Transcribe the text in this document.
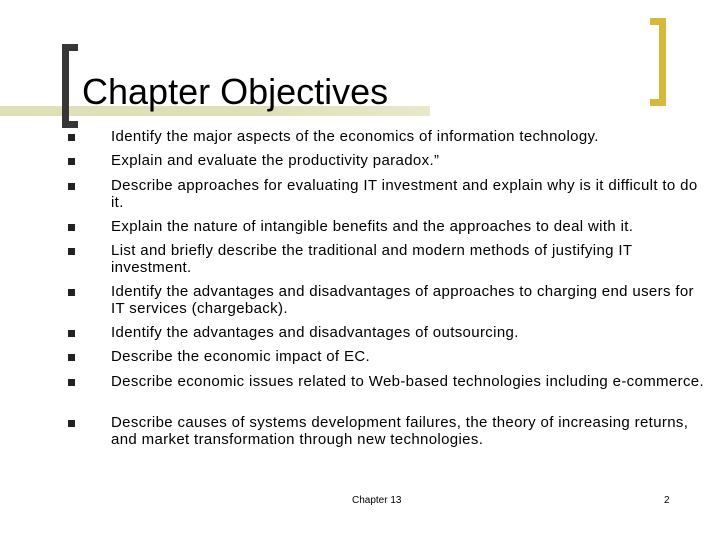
Chapter Objectives
Identify the major aspects of the economics of information technology.
Explain and evaluate the productivity paradox.”
Describe approaches for evaluating IT investment and explain why is it difficult to do it.
Explain the nature of intangible benefits and the approaches to deal with it.
List and briefly describe the traditional and modern methods of justifying IT investment.
Identify the advantages and disadvantages of approaches to charging end users for IT services (chargeback).
Identify the advantages and disadvantages of outsourcing.
Describe the economic impact of EC.
Describe economic issues related to Web-based technologies including e-commerce.
Describe causes of systems development failures, the theory of increasing returns, and market transformation through new technologies.
Chapter 13	2
